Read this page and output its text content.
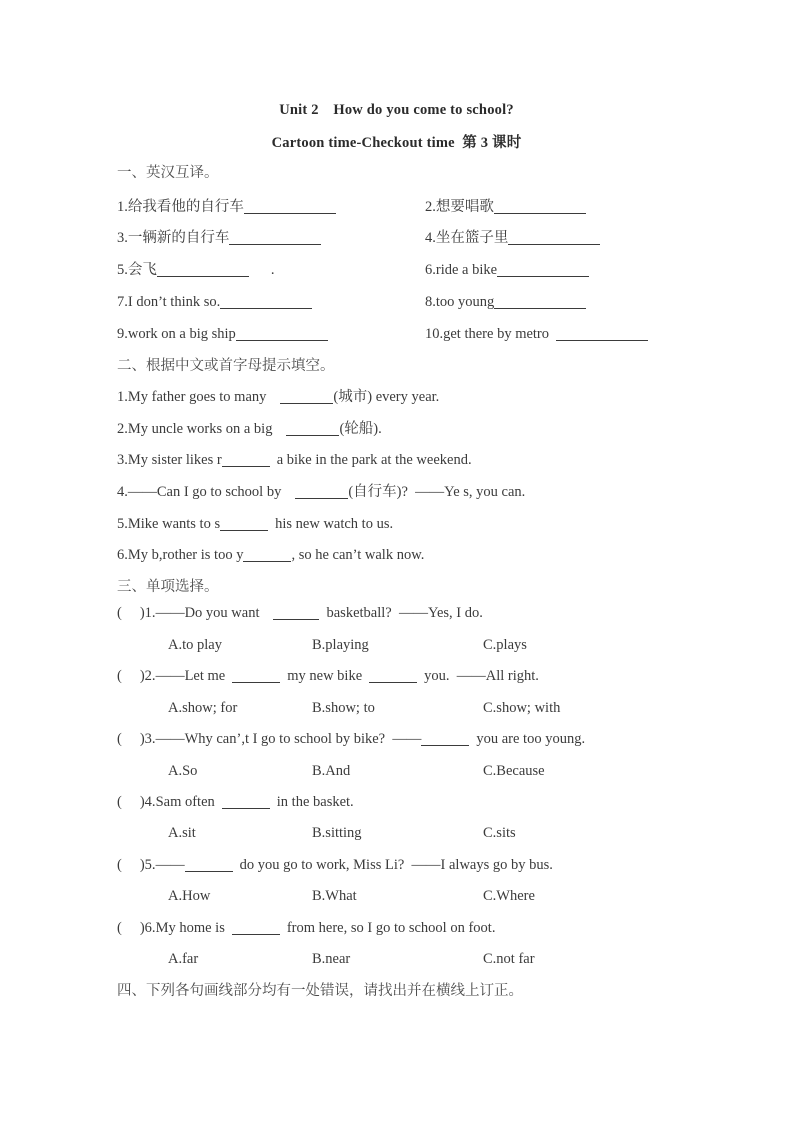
Unit 2 How do you come to school?
Cartoon time-Checkout time 第 3 课时
一、英汉互译。
1.给我看他的自行车	2.想要唱歌
3.一辆新的自行车	4.坐在篮子里
5.会飞	.	6.ride a bike
7.I don’t think so.	8.too young
9.work on a big ship	10.get there by metro
二、根据中文或首字母提示填空。
1.My father goes to many	(城市) every year.
2.My uncle works on a big	(轮船).
3.My sister likes r	a bike in the park at the weekend.
4.——Can I go to school by	(自行车)? ——Ye s, you can.
5.Mike wants to s	his new watch to us.
6.My b,rother is too y	, so he can’t walk now.
三、单项选择。
( )1.——Do you want	basketball? ——Yes, I do.
A.to play	B.playing	C.plays
( )2.——Let me	my new bike	you. ——All right.
A.show; for	B.show; to	C.show; with
( )3.——Why can’,t I go to school by bike? ——	you are too young.
A.So	B.And	C.Because
( )4.Sam often	in the basket.
A.sit	B.sitting	C.sits
( )5.——	do you go to work, Miss Li? ——I always go by bus.
A.How	B.What	C.Where
( )6.My home is	from here, so I go to school on foot.
A.far	B.near	C.not far
四、下列各句画线部分均有一处错误，请找出并在横线上订正。
